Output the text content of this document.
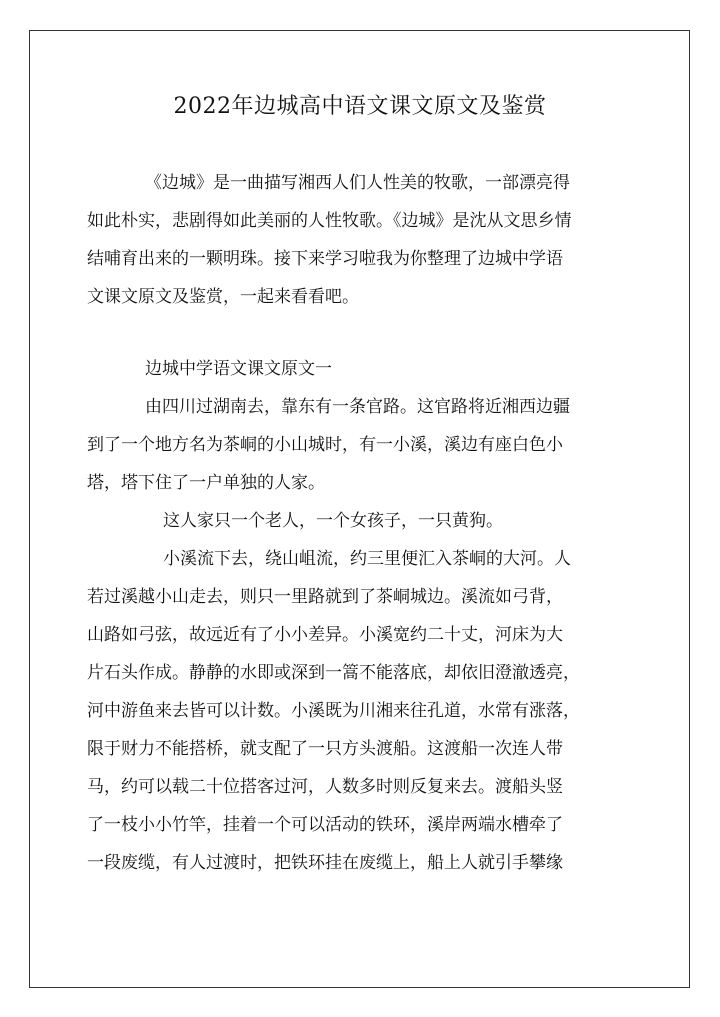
2022年边城高中语文课文原文及鉴赏

《边城》是一曲描写湘西人们人性美的牧歌，一部漂亮得
如此朴实，悲剧得如此美丽的人性牧歌。《边城》是沈从文思乡情
结哺育出来的一颗明珠。接下来学习啦我为你整理了边城中学语
文课文原文及鉴赏，一起来看看吧。

边城中学语文课文原文一

由四川过湖南去，靠东有一条官路。这官路将近湘西边疆
到了一个地方名为茶峒的小山城时，有一小溪，溪边有座白色小
塔，塔下住了一户单独的人家。

这人家只一个老人，一个女孩子，一只黄狗。

小溪流下去，绕山岨流，约三里便汇入茶峒的大河。人
若过溪越小山走去，则只一里路就到了茶峒城边。溪流如弓背，
山路如弓弦，故远近有了小小差异。小溪宽约二十丈，河床为大
片石头作成。静静的水即或深到一篙不能落底，却依旧澄澈透亮，
河中游鱼来去皆可以计数。小溪既为川湘来往孔道，水常有涨落，
限于财力不能搭桥，就支配了一只方头渡船。这渡船一次连人带
马，约可以载二十位搭客过河，人数多时则反复来去。渡船头竖
了一枝小小竹竿，挂着一个可以活动的铁环，溪岸两端水槽牵了
一段废缆，有人过渡时，把铁环挂在废缆上，船上人就引手攀缘
